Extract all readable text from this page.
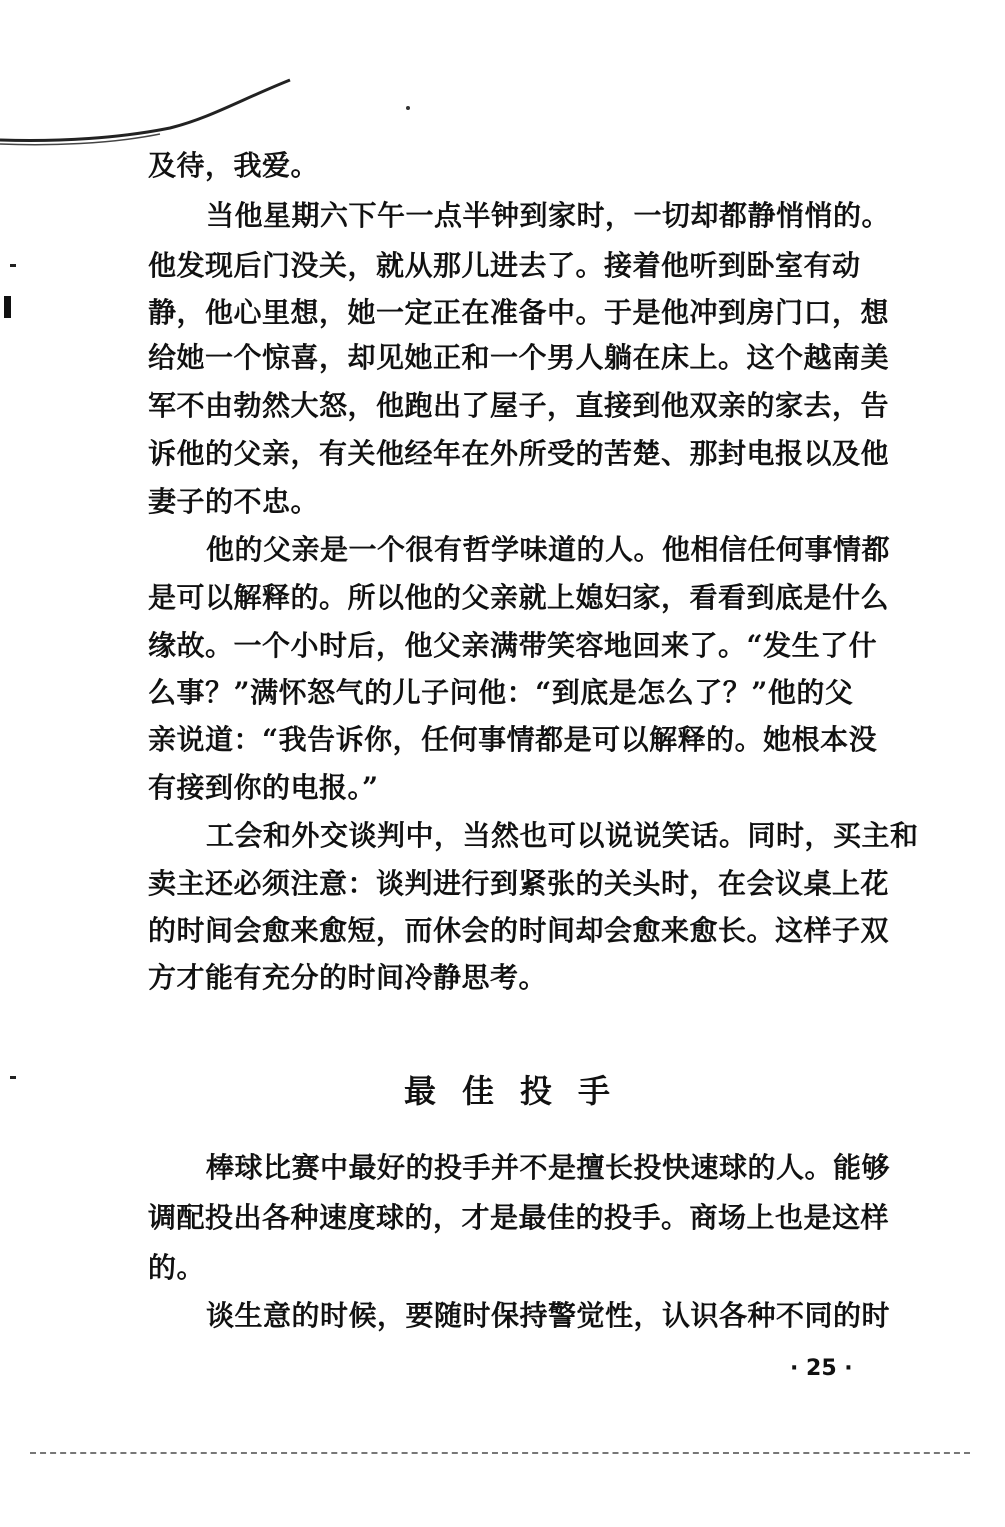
及待，我爱。
当他星期六下午一点半钟到家时，一切却都静悄悄的。
他发现后门没关，就从那儿进去了。接着他听到卧室有动
静，他心里想，她一定正在准备中。于是他冲到房门口，想
给她一个惊喜，却见她正和一个男人躺在床上。这个越南美
军不由勃然大怒，他跑出了屋子，直接到他双亲的家去，告
诉他的父亲，有关他经年在外所受的苦楚、那封电报以及他
妻子的不忠。
他的父亲是一个很有哲学味道的人。他相信任何事情都
是可以解释的。所以他的父亲就上媳妇家，看看到底是什么
缘故。一个小时后，他父亲满带笑容地回来了。“发生了什
么事？”满怀怒气的儿子问他：“到底是怎么了？”他的父
亲说道：“我告诉你，任何事情都是可以解释的。她根本没
有接到你的电报。”
工会和外交谈判中，当然也可以说说笑话。同时，买主和
卖主还必须注意：谈判进行到紧张的关头时，在会议桌上花
的时间会愈来愈短，而休会的时间却会愈来愈长。这样子双
方才能有充分的时间冷静思考。
最佳投手
棒球比赛中最好的投手并不是擅长投快速球的人。能够
调配投出各种速度球的，才是最佳的投手。商场上也是这样
的。
谈生意的时候，要随时保持警觉性，认识各种不同的时
· 25 ·
